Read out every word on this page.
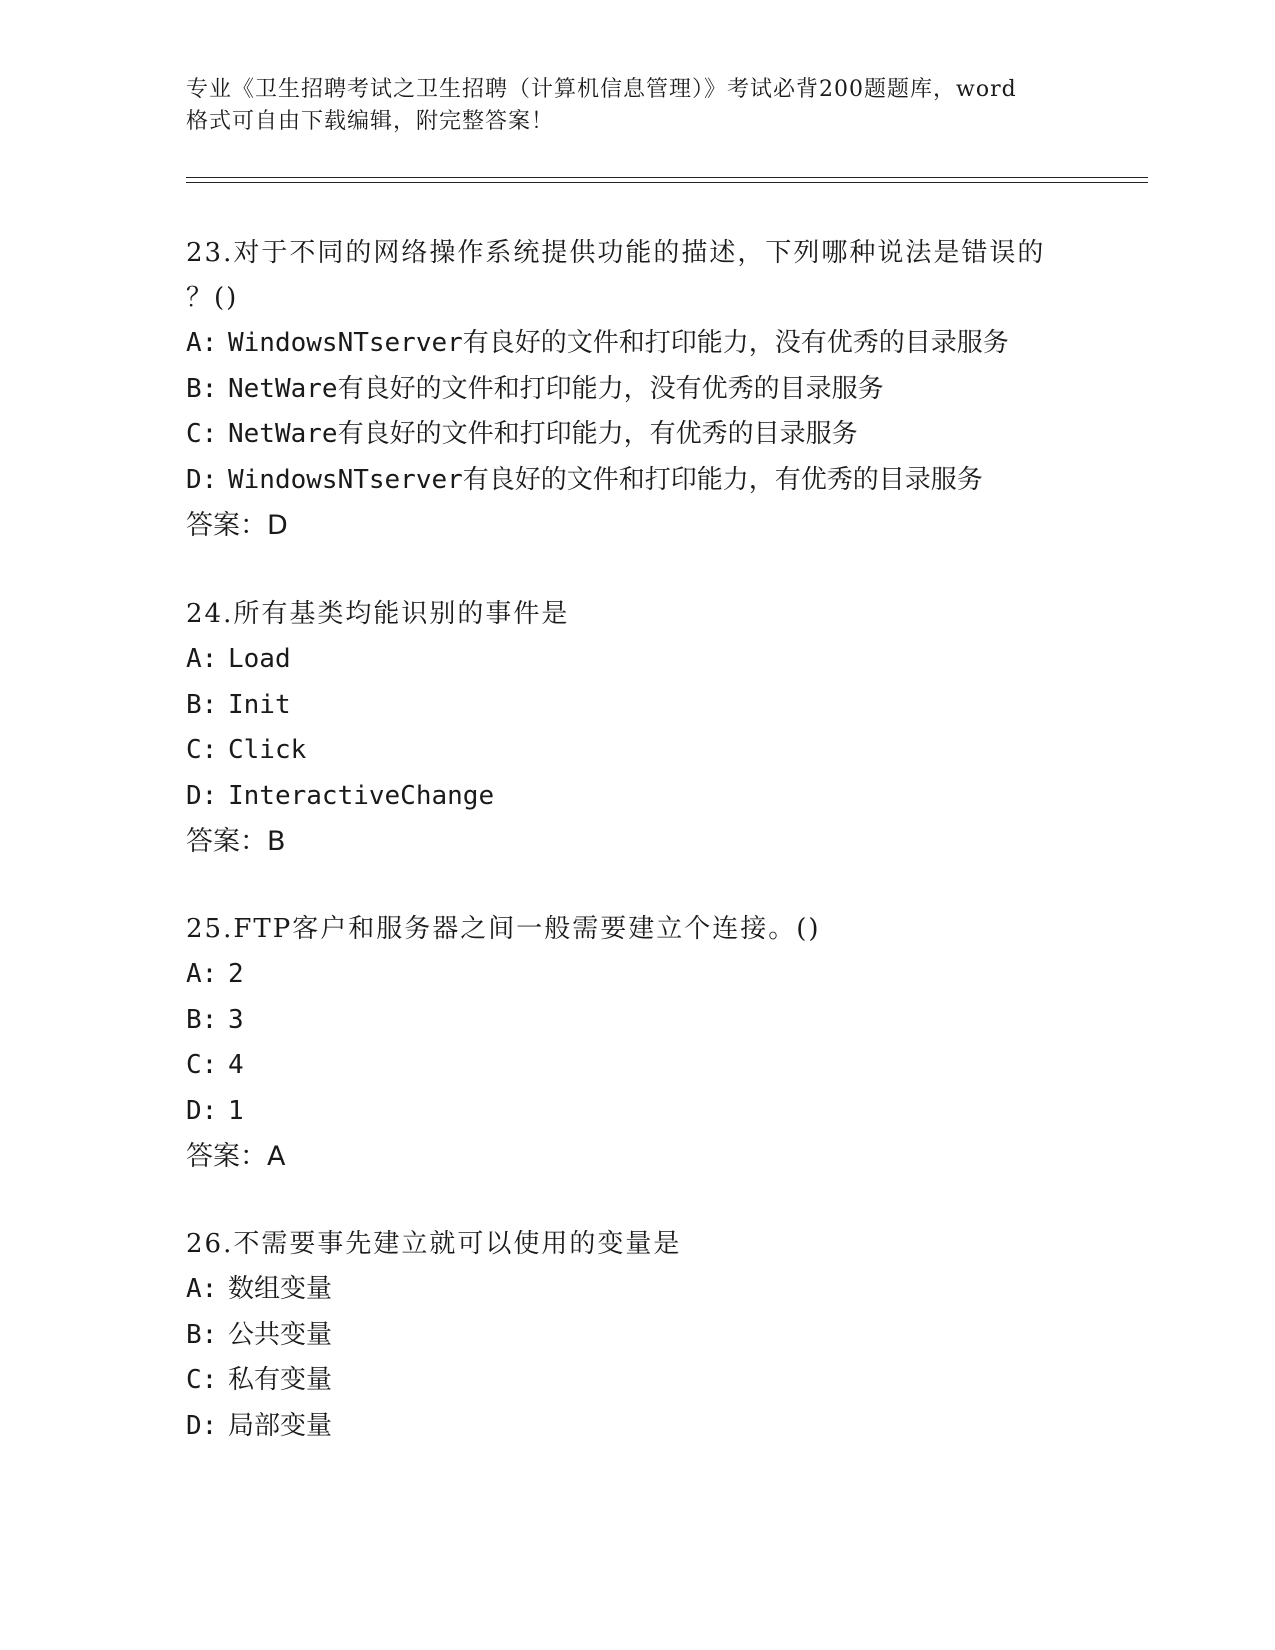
专业《卫生招聘考试之卫生招聘（计算机信息管理）》考试必背200题题库，word
格式可自由下载编辑，附完整答案！
23.对于不同的网络操作系统提供功能的描述，下列哪种说法是错误的
？()
A: WindowsNTserver有良好的文件和打印能力，没有优秀的目录服务
B: NetWare有良好的文件和打印能力，没有优秀的目录服务
C: NetWare有良好的文件和打印能力，有优秀的目录服务
D: WindowsNTserver有良好的文件和打印能力，有优秀的目录服务
答案：D
24.所有基类均能识别的事件是
A: Load
B: Init
C: Click
D: InteractiveChange
答案：B
25.FTP客户和服务器之间一般需要建立个连接。()
A: 2
B: 3
C: 4
D: 1
答案：A
26.不需要事先建立就可以使用的变量是
A: 数组变量
B: 公共变量
C: 私有变量
D: 局部变量
